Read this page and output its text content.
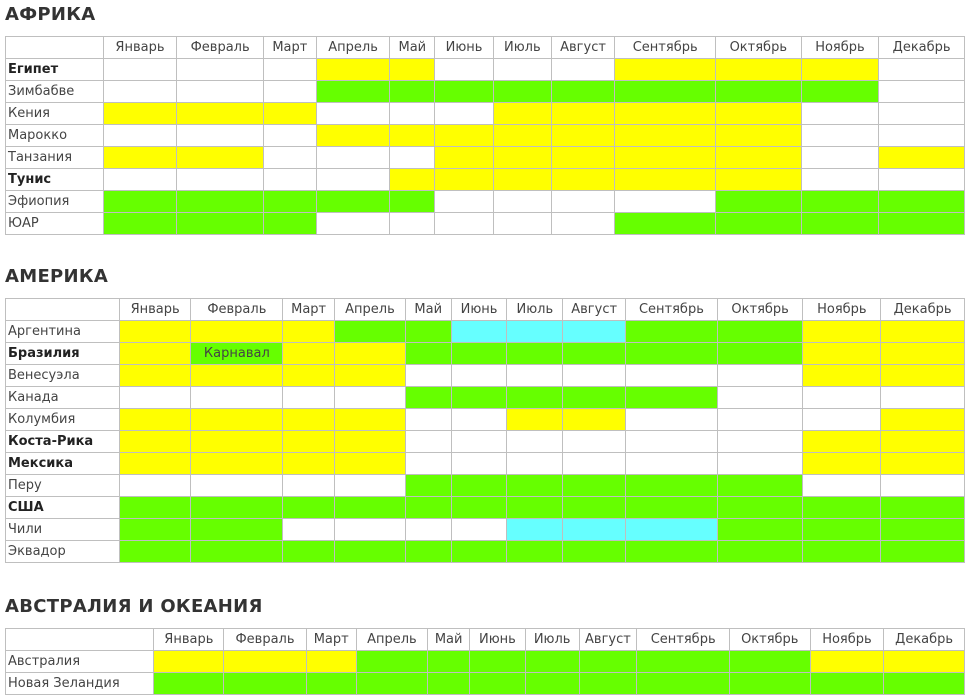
АФРИКА
	Январь	Февраль	Март	Апрель	Май	Июнь	Июль	Август	Сентябрь	Октябрь	Ноябрь	Декабрь
Египет												
Зимбабве												
Кения												
Марокко												
Танзания												
Тунис												
Эфиопия												
ЮАР												
АМЕРИКА
	Январь	Февраль	Март	Апрель	Май	Июнь	Июль	Август	Сентябрь	Октябрь	Ноябрь	Декабрь
Аргентина												
Бразилия		Карнавал										
Венесуэла												
Канада												
Колумбия												
Коста-Рика												
Мексика												
Перу												
США												
Чили												
Эквадор												
АВСТРАЛИЯ И ОКЕАНИЯ
	Январь	Февраль	Март	Апрель	Май	Июнь	Июль	Август	Сентябрь	Октябрь	Ноябрь	Декабрь
Австралия												
Новая Зеландия												
